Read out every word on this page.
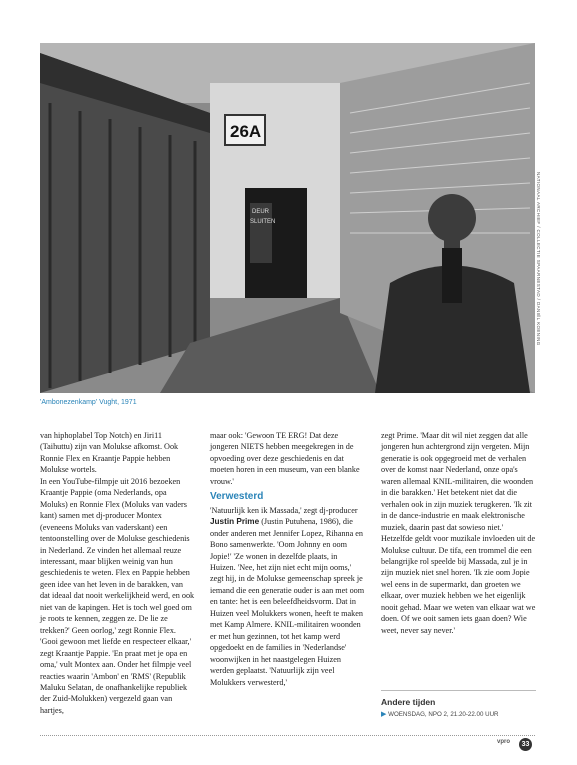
26A
DEUR
SLUITEN	NATIONAAL ARCHIEF / COLLECTIE SPAARNESTAD / DANIËL KOENING
'Ambonezenkamp' Vught, 1971

van hiphoplabel Top Notch) en Jiri11 (Taihuttu) zijn van Molukse afkomst. Ook Ronnie Flex en Kraantje Pappie hebben Molukse wortels.

In een YouTube-filmpje uit 2016 bezoeken Kraantje Pappie (oma Nederlands, opa Moluks) en Ronnie Flex (Moluks van vaders kant) samen met dj-producer Montex (eveneens Moluks van vaderskant) een tentoonstelling over de Molukse geschiedenis in Nederland. Ze vinden het allemaal reuze interessant, maar blijken weinig van hun geschiedenis te weten. Flex en Pappie hebben geen idee van het leven in de barakken, van dat ideaal dat nooit werkelijkheid werd, en ook niet van de kapingen. Het is toch wel goed om je roots te kennen, zeggen ze. De lie ze trekken?' Geen oorlog,' zegt Ronnie Flex. 'Gooi gewoon met liefde en respecteer elkaar,' zegt Kraantje Pappie. 'En praat met je opa en oma,' vult Montex aan. Onder het filmpje veel reacties waarin 'Ambon' en 'RMS' (Republik Maluku Selatan, de onafhankelijke republiek der Zuid-Molukken) vergezeld gaan van hartjes,

maar ook: 'Gewoon TE ERG! Dat deze jongeren NIETS hebben meegekregen in de opvoeding over deze geschiedenis en dat moeten horen in een museum, van een blanke vrouw.'

Verwesterd

'Natuurlijk ken ik Massada,' zegt dj-producer Justin Prime (Justin Putuhena, 1986), die onder anderen met Jennifer Lopez, Rihanna en Bono samenwerkte. 'Oom Johnny en oom Jopie!' 'Ze wonen in dezelfde plaats, in Huizen. 'Nee, het zijn niet echt mijn ooms,' zegt hij, in de Molukse gemeenschap spreek je iemand die een generatie ouder is aan met oom en tante: het is een beleefdheidsvorm. Dat in Huizen veel Molukkers wonen, heeft te maken met Kamp Almere. KNIL-militairen woonden er met hun gezinnen, tot het kamp werd opgedoekt en de families in 'Nederlandse' woonwijken in het naastgelegen Huizen werden geplaatst. 'Natuurlijk zijn veel Molukkers verwesterd,'

zegt Prime. 'Maar dit wil niet zeggen dat alle jongeren hun achtergrond zijn vergeten. Mijn generatie is ook opgegroeid met de verhalen over de komst naar Nederland, onze opa's waren allemaal KNIL-militairen, die woonden in die barakken.' Het betekent niet dat die verhalen ook in zijn muziek terugkeren. 'Ik zit in de dance-industrie en maak elektronische muziek, daarin past dat sowieso niet.' Hetzelfde geldt voor muzikale invloeden uit de Molukse cultuur. De tifa, een trommel die een belangrijke rol speelde bij Massada, zul je in zijn muziek niet snel horen. 'Ik zie oom Jopie wel eens in de supermarkt, dan groeten we elkaar, over muziek hebben we het eigenlijk nooit gehad. Maar we weten van elkaar wat we doen. Of we ooit samen iets gaan doen? Wie weet, never say never.'

Andere tijden
▶ WOENSDAG, NPO 2, 21.20-22.00 UUR
vpro	33
